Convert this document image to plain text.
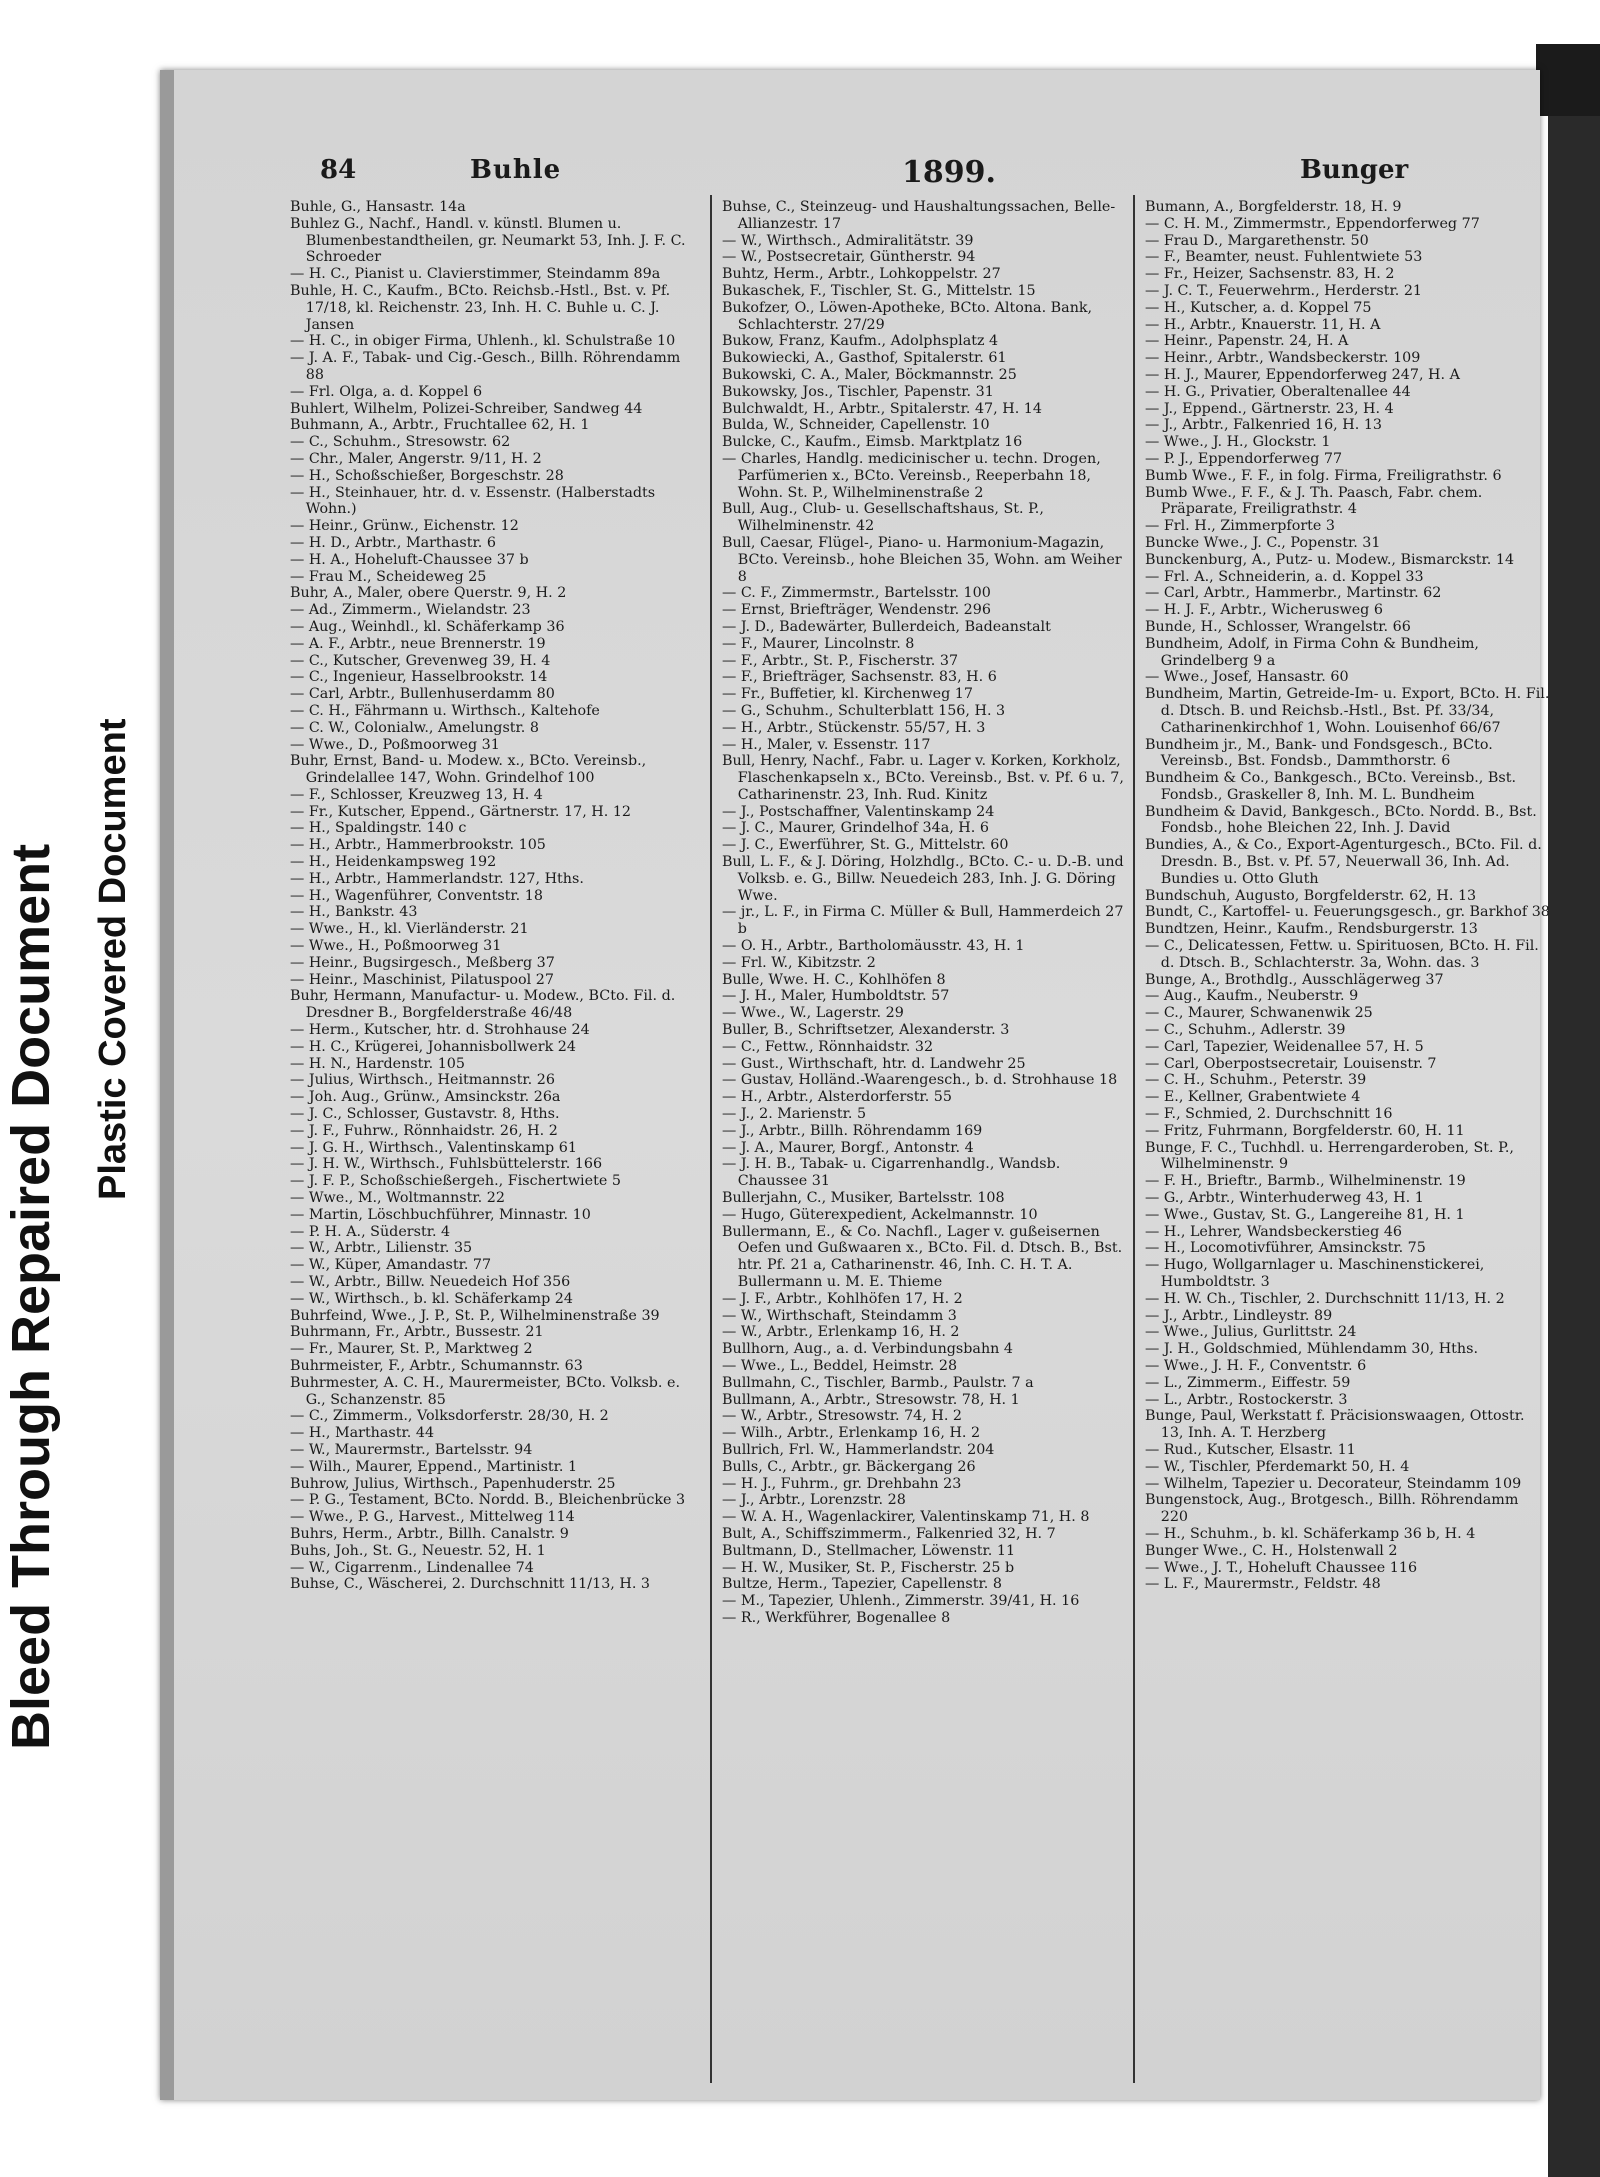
Bleed Through Repaired Document Plastic Covered Document
84	Buhle	1899.	Bunger

Buhle, G., Hansastr. 14a

Buhlez G., Nachf., Handl. v. künstl. Blumen u. Blumenbestandtheilen, gr. Neumarkt 53, Inh. J. F. C. Schroeder

— H. C., Pianist u. Clavierstimmer, Steindamm 89a

Buhle, H. C., Kaufm., BCto. Reichsb.-Hstl., Bst. v. Pf. 17/18, kl. Reichenstr. 23, Inh. H. C. Buhle u. C. J. Jansen

— H. C., in obiger Firma, Uhlenh., kl. Schulstraße 10

— J. A. F., Tabak- und Cig.-Gesch., Billh. Röhrendamm 88

— Frl. Olga, a. d. Koppel 6

Buhlert, Wilhelm, Polizei-Schreiber, Sandweg 44

Buhmann, A., Arbtr., Fruchtallee 62, H. 1

— C., Schuhm., Stresowstr. 62

— Chr., Maler, Angerstr. 9/11, H. 2

— H., Schoßschießer, Borgeschstr. 28

— H., Steinhauer, htr. d. v. Essenstr. (Halberstadts Wohn.)

— Heinr., Grünw., Eichenstr. 12

— H. D., Arbtr., Marthastr. 6

— H. A., Hoheluft-Chaussee 37 b

— Frau M., Scheideweg 25

Buhr, A., Maler, obere Querstr. 9, H. 2

— Ad., Zimmerm., Wielandstr. 23

— Aug., Weinhdl., kl. Schäferkamp 36

— A. F., Arbtr., neue Brennerstr. 19

— C., Kutscher, Grevenweg 39, H. 4

— C., Ingenieur, Hasselbrookstr. 14

— Carl, Arbtr., Bullenhuserdamm 80

— C. H., Fährmann u. Wirthsch., Kaltehofe

— C. W., Colonialw., Amelungstr. 8

— Wwe., D., Poßmoorweg 31

Buhr, Ernst, Band- u. Modew. x., BCto. Vereinsb., Grindelallee 147, Wohn. Grindelhof 100

— F., Schlosser, Kreuzweg 13, H. 4

— Fr., Kutscher, Eppend., Gärtnerstr. 17, H. 12

— H., Spaldingstr. 140 c

— H., Arbtr., Hammerbrookstr. 105

— H., Heidenkampsweg 192

— H., Arbtr., Hammerlandstr. 127, Hths.

— H., Wagenführer, Conventstr. 18

— H., Bankstr. 43

— Wwe., H., kl. Vierländerstr. 21

— Wwe., H., Poßmoorweg 31

— Heinr., Bugsirgesch., Meßberg 37

— Heinr., Maschinist, Pilatuspool 27

Buhr, Hermann, Manufactur- u. Modew., BCto. Fil. d. Dresdner B., Borgfelderstraße 46/48

— Herm., Kutscher, htr. d. Strohhause 24

— H. C., Krügerei, Johannisbollwerk 24

— H. N., Hardenstr. 105

— Julius, Wirthsch., Heitmannstr. 26

— Joh. Aug., Grünw., Amsinckstr. 26a

— J. C., Schlosser, Gustavstr. 8, Hths.

— J. F., Fuhrw., Rönnhaidstr. 26, H. 2

— J. G. H., Wirthsch., Valentinskamp 61

— J. H. W., Wirthsch., Fuhlsbüttelerstr. 166

— J. F. P., Schoßschießergeh., Fischertwiete 5

— Wwe., M., Woltmannstr. 22

— Martin, Löschbuchführer, Minnastr. 10

— P. H. A., Süderstr. 4

— W., Arbtr., Lilienstr. 35

— W., Küper, Amandastr. 77

— W., Arbtr., Billw. Neuedeich Hof 356

— W., Wirthsch., b. kl. Schäferkamp 24

Buhrfeind, Wwe., J. P., St. P., Wilhelminenstraße 39

Buhrmann, Fr., Arbtr., Bussestr. 21

— Fr., Maurer, St. P., Marktweg 2

Buhrmeister, F., Arbtr., Schumannstr. 63

Buhrmester, A. C. H., Maurermeister, BCto. Volksb. e. G., Schanzenstr. 85

— C., Zimmerm., Volksdorferstr. 28/30, H. 2

— H., Marthastr. 44

— W., Maurermstr., Bartelsstr. 94

— Wilh., Maurer, Eppend., Martinistr. 1

Buhrow, Julius, Wirthsch., Papenhuderstr. 25

— P. G., Testament, BCto. Nordd. B., Bleichenbrücke 3

— Wwe., P. G., Harvest., Mittelweg 114

Buhrs, Herm., Arbtr., Billh. Canalstr. 9

Buhs, Joh., St. G., Neuestr. 52, H. 1

— W., Cigarrenm., Lindenallee 74

Buhse, C., Wäscherei, 2. Durchschnitt 11/13, H. 3

Buhse, C., Steinzeug- und Haushaltungssachen, Belle-Allianzestr. 17

— W., Wirthsch., Admiralitätstr. 39

— W., Postsecretair, Güntherstr. 94

Buhtz, Herm., Arbtr., Lohkoppelstr. 27

Bukaschek, F., Tischler, St. G., Mittelstr. 15

Bukofzer, O., Löwen-Apotheke, BCto. Altona. Bank, Schlachterstr. 27/29

Bukow, Franz, Kaufm., Adolphsplatz 4

Bukowiecki, A., Gasthof, Spitalerstr. 61

Bukowski, C. A., Maler, Böckmannstr. 25

Bukowsky, Jos., Tischler, Papenstr. 31

Bulchwaldt, H., Arbtr., Spitalerstr. 47, H. 14

Bulda, W., Schneider, Capellenstr. 10

Bulcke, C., Kaufm., Eimsb. Marktplatz 16

— Charles, Handlg. medicinischer u. techn. Drogen, Parfümerien x., BCto. Vereinsb., Reeperbahn 18, Wohn. St. P., Wilhelminenstraße 2

Bull, Aug., Club- u. Gesellschaftshaus, St. P., Wilhelminenstr. 42

Bull, Caesar, Flügel-, Piano- u. Harmonium-Magazin, BCto. Vereinsb., hohe Bleichen 35, Wohn. am Weiher 8

— C. F., Zimmermstr., Bartelsstr. 100

— Ernst, Briefträger, Wendenstr. 296

— J. D., Badewärter, Bullerdeich, Badeanstalt

— F., Maurer, Lincolnstr. 8

— F., Arbtr., St. P., Fischerstr. 37

— F., Briefträger, Sachsenstr. 83, H. 6

— Fr., Buffetier, kl. Kirchenweg 17

— G., Schuhm., Schulterblatt 156, H. 3

— H., Arbtr., Stückenstr. 55/57, H. 3

— H., Maler, v. Essenstr. 117

Bull, Henry, Nachf., Fabr. u. Lager v. Korken, Korkholz, Flaschenkapseln x., BCto. Vereinsb., Bst. v. Pf. 6 u. 7, Catharinenstr. 23, Inh. Rud. Kinitz

— J., Postschaffner, Valentinskamp 24

— J. C., Maurer, Grindelhof 34a, H. 6

— J. C., Ewerführer, St. G., Mittelstr. 60

Bull, L. F., & J. Döring, Holzhdlg., BCto. C.- u. D.-B. und Volksb. e. G., Billw. Neuedeich 283, Inh. J. G. Döring Wwe.

— jr., L. F., in Firma C. Müller & Bull, Hammerdeich 27 b

— O. H., Arbtr., Bartholomäusstr. 43, H. 1

— Frl. W., Kibitzstr. 2

Bulle, Wwe. H. C., Kohlhöfen 8

— J. H., Maler, Humboldtstr. 57

— Wwe., W., Lagerstr. 29

Buller, B., Schriftsetzer, Alexanderstr. 3

— C., Fettw., Rönnhaidstr. 32

— Gust., Wirthschaft, htr. d. Landwehr 25

— Gustav, Holländ.-Waarengesch., b. d. Strohhause 18

— H., Arbtr., Alsterdorferstr. 55

— J., 2. Marienstr. 5

— J., Arbtr., Billh. Röhrendamm 169

— J. A., Maurer, Borgf., Antonstr. 4

— J. H. B., Tabak- u. Cigarrenhandlg., Wandsb. Chaussee 31

Bullerjahn, C., Musiker, Bartelsstr. 108

— Hugo, Güterexpedient, Ackelmannstr. 10

Bullermann, E., & Co. Nachfl., Lager v. gußeisernen Oefen und Gußwaaren x., BCto. Fil. d. Dtsch. B., Bst. htr. Pf. 21 a, Catharinenstr. 46, Inh. C. H. T. A. Bullermann u. M. E. Thieme

— J. F., Arbtr., Kohlhöfen 17, H. 2

— W., Wirthschaft, Steindamm 3

— W., Arbtr., Erlenkamp 16, H. 2

Bullhorn, Aug., a. d. Verbindungsbahn 4

— Wwe., L., Beddel, Heimstr. 28

Bullmahn, C., Tischler, Barmb., Paulstr. 7 a

Bullmann, A., Arbtr., Stresowstr. 78, H. 1

— W., Arbtr., Stresowstr. 74, H. 2

— Wilh., Arbtr., Erlenkamp 16, H. 2

Bullrich, Frl. W., Hammerlandstr. 204

Bulls, C., Arbtr., gr. Bäckergang 26

— H. J., Fuhrm., gr. Drehbahn 23

— J., Arbtr., Lorenzstr. 28

— W. A. H., Wagenlackirer, Valentinskamp 71, H. 8

Bult, A., Schiffszimmerm., Falkenried 32, H. 7

Bultmann, D., Stellmacher, Löwenstr. 11

— H. W., Musiker, St. P., Fischerstr. 25 b

Bultze, Herm., Tapezier, Capellenstr. 8

— M., Tapezier, Uhlenh., Zimmerstr. 39/41, H. 16

— R., Werkführer, Bogenallee 8

Bumann, A., Borgfelderstr. 18, H. 9

— C. H. M., Zimmermstr., Eppendorferweg 77

— Frau D., Margarethenstr. 50

— F., Beamter, neust. Fuhlentwiete 53

— Fr., Heizer, Sachsenstr. 83, H. 2

— J. C. T., Feuerwehrm., Herderstr. 21

— H., Kutscher, a. d. Koppel 75

— H., Arbtr., Knauerstr. 11, H. A

— Heinr., Papenstr. 24, H. A

— Heinr., Arbtr., Wandsbeckerstr. 109

— H. J., Maurer, Eppendorferweg 247, H. A

— H. G., Privatier, Oberaltenallee 44

— J., Eppend., Gärtnerstr. 23, H. 4

— J., Arbtr., Falkenried 16, H. 13

— Wwe., J. H., Glockstr. 1

— P. J., Eppendorferweg 77

Bumb Wwe., F. F., in folg. Firma, Freiligrathstr. 6

Bumb Wwe., F. F., & J. Th. Paasch, Fabr. chem. Präparate, Freiligrathstr. 4

— Frl. H., Zimmerpforte 3

Buncke Wwe., J. C., Popenstr. 31

Bunckenburg, A., Putz- u. Modew., Bismarckstr. 14

— Frl. A., Schneiderin, a. d. Koppel 33

— Carl, Arbtr., Hammerbr., Martinstr. 62

— H. J. F., Arbtr., Wicherusweg 6

Bunde, H., Schlosser, Wrangelstr. 66

Bundheim, Adolf, in Firma Cohn & Bundheim, Grindelberg 9 a

— Wwe., Josef, Hansastr. 60

Bundheim, Martin, Getreide-Im- u. Export, BCto. H. Fil. d. Dtsch. B. und Reichsb.-Hstl., Bst. Pf. 33/34, Catharinenkirchhof 1, Wohn. Louisenhof 66/67

Bundheim jr., M., Bank- und Fondsgesch., BCto. Vereinsb., Bst. Fondsb., Dammthorstr. 6

Bundheim & Co., Bankgesch., BCto. Vereinsb., Bst. Fondsb., Graskeller 8, Inh. M. L. Bundheim

Bundheim & David, Bankgesch., BCto. Nordd. B., Bst. Fondsb., hohe Bleichen 22, Inh. J. David

Bundies, A., & Co., Export-Agenturgesch., BCto. Fil. d. Dresdn. B., Bst. v. Pf. 57, Neuerwall 36, Inh. Ad. Bundies u. Otto Gluth

Bundschuh, Augusto, Borgfelderstr. 62, H. 13

Bundt, C., Kartoffel- u. Feuerungsgesch., gr. Barkhof 38

Bundtzen, Heinr., Kaufm., Rendsburgerstr. 13

— C., Delicatessen, Fettw. u. Spirituosen, BCto. H. Fil. d. Dtsch. B., Schlachterstr. 3a, Wohn. das. 3

Bunge, A., Brothdlg., Ausschlägerweg 37

— Aug., Kaufm., Neuberstr. 9

— C., Maurer, Schwanenwik 25

— C., Schuhm., Adlerstr. 39

— Carl, Tapezier, Weidenallee 57, H. 5

— Carl, Oberpostsecretair, Louisenstr. 7

— C. H., Schuhm., Peterstr. 39

— E., Kellner, Grabentwiete 4

— F., Schmied, 2. Durchschnitt 16

— Fritz, Fuhrmann, Borgfelderstr. 60, H. 11

Bunge, F. C., Tuchhdl. u. Herrengarderoben, St. P., Wilhelminenstr. 9

— F. H., Brieftr., Barmb., Wilhelminenstr. 19

— G., Arbtr., Winterhuderweg 43, H. 1

— Wwe., Gustav, St. G., Langereihe 81, H. 1

— H., Lehrer, Wandsbeckerstieg 46

— H., Locomotivführer, Amsinckstr. 75

— Hugo, Wollgarnlager u. Maschinenstickerei, Humboldtstr. 3

— H. W. Ch., Tischler, 2. Durchschnitt 11/13, H. 2

— J., Arbtr., Lindleystr. 89

— Wwe., Julius, Gurlittstr. 24

— J. H., Goldschmied, Mühlendamm 30, Hths.

— Wwe., J. H. F., Conventstr. 6

— L., Zimmerm., Eiffestr. 59

— L., Arbtr., Rostockerstr. 3

Bunge, Paul, Werkstatt f. Präcisionswaagen, Ottostr. 13, Inh. A. T. Herzberg

— Rud., Kutscher, Elsastr. 11

— W., Tischler, Pferdemarkt 50, H. 4

— Wilhelm, Tapezier u. Decorateur, Steindamm 109

Bungenstock, Aug., Brotgesch., Billh. Röhrendamm 220

— H., Schuhm., b. kl. Schäferkamp 36 b, H. 4

Bunger Wwe., C. H., Holstenwall 2

— Wwe., J. T., Hoheluft Chaussee 116

— L. F., Maurermstr., Feldstr. 48
